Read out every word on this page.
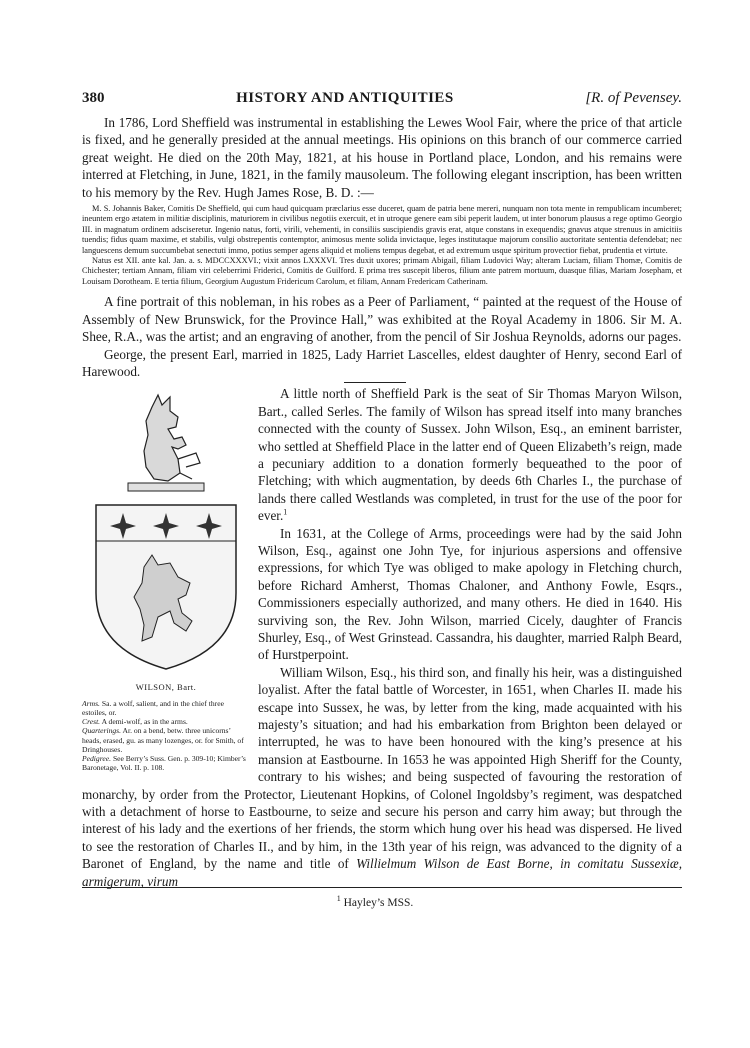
380	HISTORY AND ANTIQUITIES	[R. of Pevensey.

In 1786, Lord Sheffield was instrumental in establishing the Lewes Wool Fair, where the price of that article is fixed, and he generally presided at the annual meetings. His opinions on this branch of our commerce carried great weight. He died on the 20th May, 1821, at his house in Portland place, London, and his remains were interred at Fletching, in June, 1821, in the family mausoleum. The following elegant inscription, has been written to his memory by the Rev. Hugh James Rose, B. D. :—

M. S. Johannis Baker, Comitis De Sheffield, qui cum haud quicquam præclarius esse duceret, quam de patria bene mereri, nunquam non tota mente in rempublicam incumberet; ineuntem ergo ætatem in militiæ disciplinis, maturiorem in civilibus negotiis exercuit, et in utroque genere eam sibi peperit laudem, ut inter bonorum plausus a rege optimo Georgio III. in magnatum ordinem adsciseretur. Ingenio natus, forti, virili, vehementi, in consiliis suscipiendis gravis erat, atque constans in exequendis; gnavus atque strenuus in amicitiis tuendis; fidus quam maxime, et stabilis, vulgi obstrepentis contemptor, animosus mente solida invictaque, leges institutaque majorum consilio auctoritate sententia defendebat; nec languescens demum succumbebat senectuti immo, potius semper agens aliquid et moliens tempus degebat, et ad extremum usque spiritum provectior fiebat, prudentia et virtute.

Natus est XII. ante kal. Jan. a. s. MDCCXXXVI.; vixit annos LXXXVI. Tres duxit uxores; primam Abigail, filiam Ludovici Way; alteram Luciam, filiam Thomæ, Comitis de Chichester; tertiam Annam, filiam viri celeberrimi Friderici, Comitis de Guilford. E prima tres suscepit liberos, filium ante patrem mortuum, duasque filias, Mariam Josepham, et Louisam Dorotheam. E tertia filium, Georgium Augustum Fridericum Carolum, et filiam, Annam Fredericam Catherinam.

A fine portrait of this nobleman, in his robes as a Peer of Parliament, “ painted at the request of the House of Assembly of New Brunswick, for the Province Hall,” was exhibited at the Royal Academy in 1806. Sir M. A. Shee, R.A., was the artist; and an engraving of another, from the pencil of Sir Joshua Reynolds, adorns our pages.

George, the present Earl, married in 1825, Lady Harriet Lascelles, eldest daughter of Henry, second Earl of Harewood.

WILSON, Bart.
Arms. Sa. a wolf, salient, and in the chief three estoiles, or.
Crest. A demi-wolf, as in the arms.
Quarterings. Ar. on a bend, betw. three unicorns’ heads, erased, gu. as many lozenges, or. for Smith, of Dringhouses.
Pedigree. See Berry’s Suss. Gen. p. 309-10; Kimber’s Baronetage, Vol. II. p. 108.

A little north of Sheffield Park is the seat of Sir Thomas Maryon Wilson, Bart., called Serles. The family of Wilson has spread itself into many branches connected with the county of Sussex. John Wilson, Esq., an eminent barrister, who settled at Sheffield Place in the latter end of Queen Elizabeth’s reign, made a pecuniary addition to a donation formerly bequeathed to the poor of Fletching; with which augmentation, by deeds 6th Charles I., the purchase of lands there called Westlands was completed, in trust for the use of the poor for ever.$^1$

In 1631, at the College of Arms, proceedings were had by the said John Wilson, Esq., against one John Tye, for injurious aspersions and offensive expressions, for which Tye was obliged to make apology in Fletching church, before Richard Amherst, Thomas Chaloner, and Anthony Fowle, Esqrs., Commissioners especially authorized, and many others. He died in 1640. His surviving son, the Rev. John Wilson, married Cicely, daughter of Francis Shurley, Esq., of West Grinstead. Cassandra, his daughter, married Ralph Beard, of Hurstperpoint.

William Wilson, Esq., his third son, and finally his heir, was a distinguished loyalist. After the fatal battle of Worcester, in 1651, when Charles II. made his escape into Sussex, he was, by letter from the king, made acquainted with his majesty’s situation; and had his embarkation from Brighton been delayed or interrupted, he was to have been honoured with the king’s presence at his mansion at Eastbourne. In 1653 he was appointed High Sheriff for the County, contrary to his wishes; and being suspected of favouring the restoration of monarchy, by order from the Protector, Lieutenant Hopkins, of Colonel Ingoldsby’s regiment, was despatched with a detachment of horse to Eastbourne, to seize and secure his person and carry him away; but through the interest of his lady and the exertions of her friends, the storm which hung over his head was dispersed. He lived to see the restoration of Charles II., and by him, in the 13th year of his reign, was advanced to the dignity of a Baronet of England, by the name and title of Willielmum Wilson de East Borne, in comitatu Sussexiæ, armigerum, virum

$^1$ Hayley’s MSS.
